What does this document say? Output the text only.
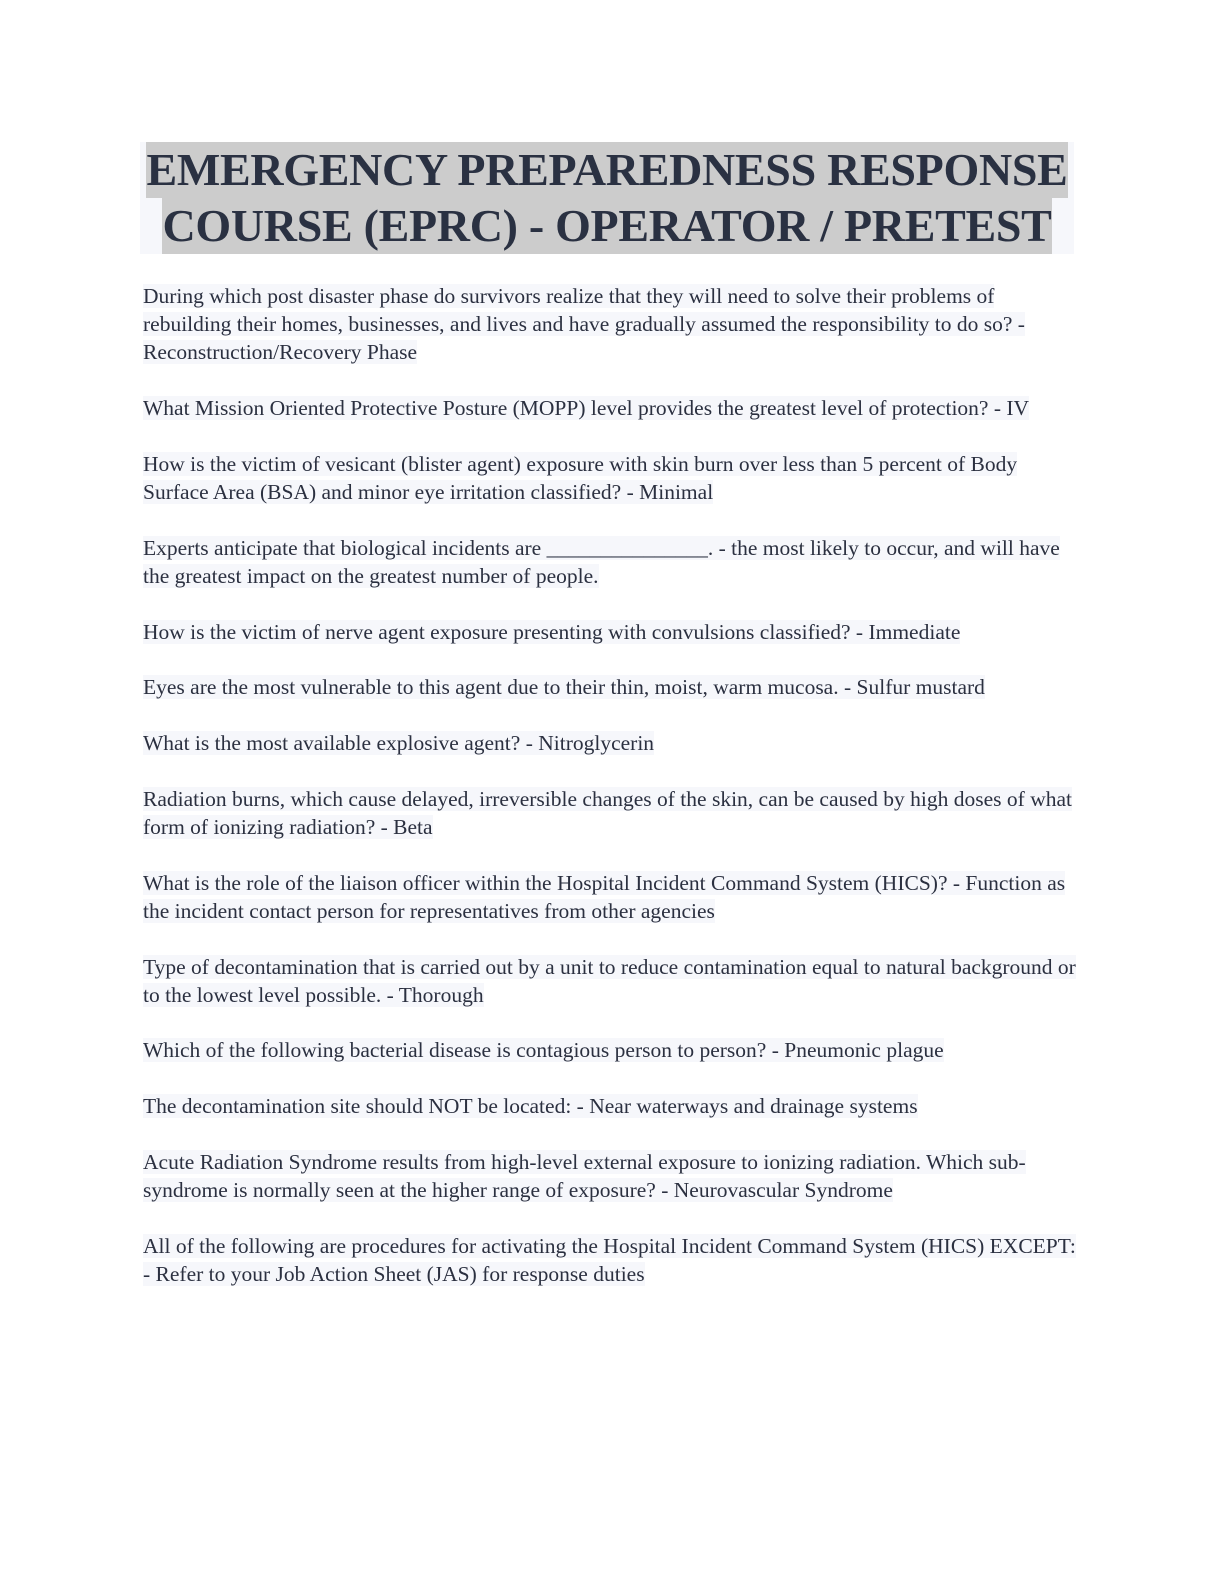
EMERGENCY PREPAREDNESS RESPONSE
COURSE (EPRC) - OPERATOR / PRETEST

During which post disaster phase do survivors realize that they will need to solve their problems of rebuilding their homes, businesses, and lives and have gradually assumed the responsibility to do so? - Reconstruction/Recovery Phase

What Mission Oriented Protective Posture (MOPP) level provides the greatest level of protection? - IV

How is the victim of vesicant (blister agent) exposure with skin burn over less than 5 percent of Body Surface Area (BSA) and minor eye irritation classified? - Minimal

Experts anticipate that biological incidents are _______________. - the most likely to occur, and will have the greatest impact on the greatest number of people.

How is the victim of nerve agent exposure presenting with convulsions classified? - Immediate

Eyes are the most vulnerable to this agent due to their thin, moist, warm mucosa. - Sulfur mustard

What is the most available explosive agent? - Nitroglycerin

Radiation burns, which cause delayed, irreversible changes of the skin, can be caused by high doses of what form of ionizing radiation? - Beta

What is the role of the liaison officer within the Hospital Incident Command System (HICS)? - Function as the incident contact person for representatives from other agencies

Type of decontamination that is carried out by a unit to reduce contamination equal to natural background or to the lowest level possible. - Thorough

Which of the following bacterial disease is contagious person to person? - Pneumonic plague

The decontamination site should NOT be located: - Near waterways and drainage systems

Acute Radiation Syndrome results from high-level external exposure to ionizing radiation. Which sub-syndrome is normally seen at the higher range of exposure? - Neurovascular Syndrome

All of the following are procedures for activating the Hospital Incident Command System (HICS) EXCEPT: - Refer to your Job Action Sheet (JAS) for response duties
